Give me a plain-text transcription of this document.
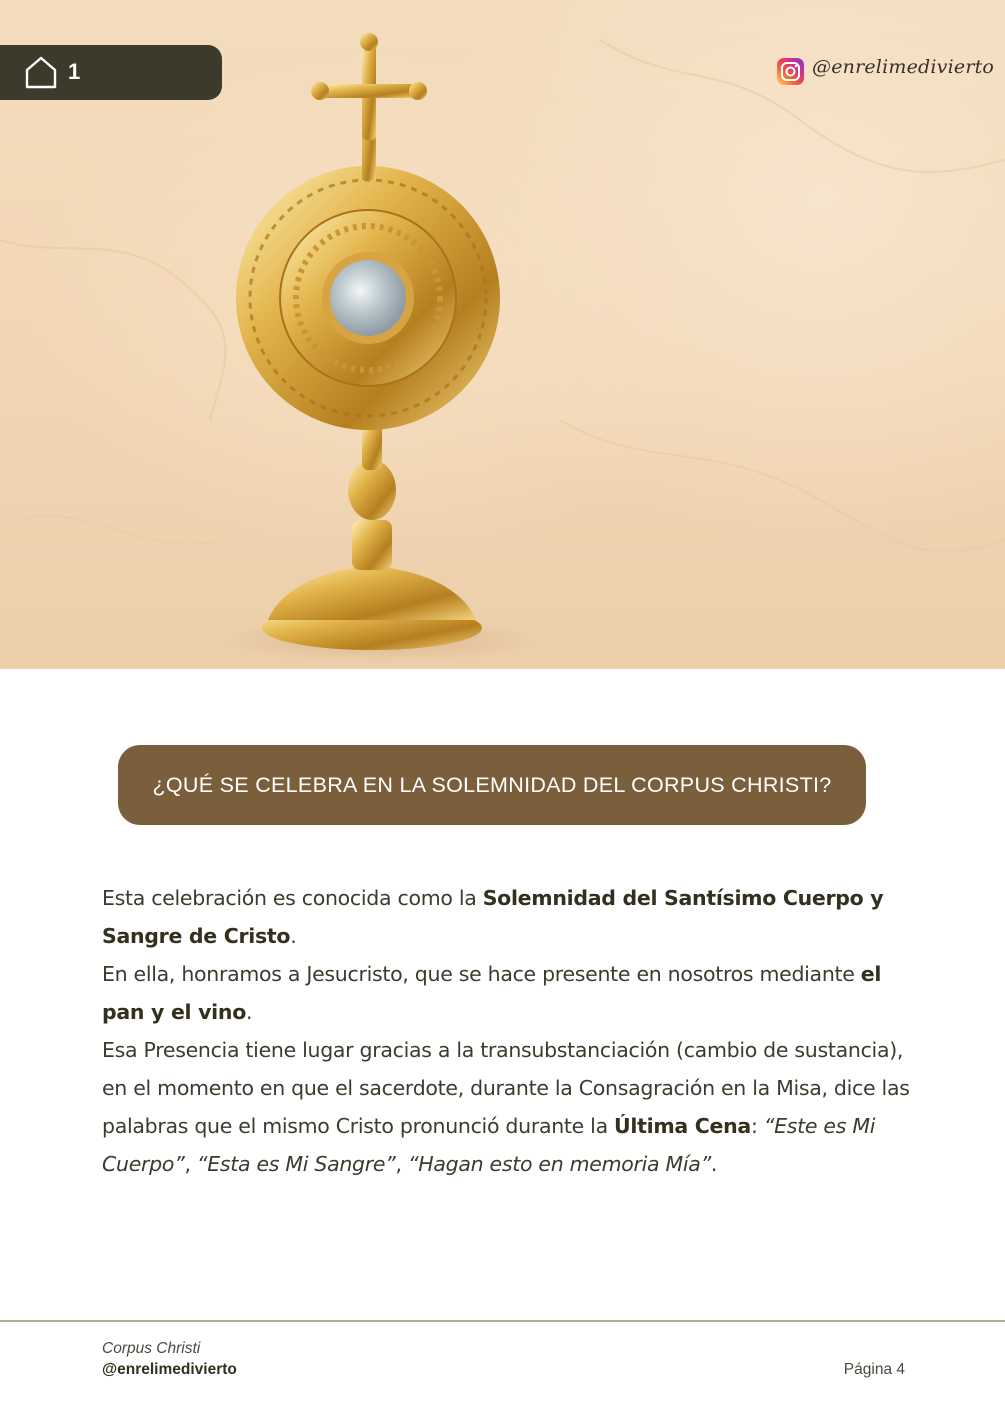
1	@enrelimedivierto
¿QUÉ SE CELEBRA EN LA SOLEMNIDAD DEL CORPUS CHRISTI?

Esta celebración es conocida como la Solemnidad del Santísimo Cuerpo y Sangre de Cristo.

En ella, honramos a Jesucristo, que se hace presente en nosotros mediante el pan y el vino.

Esa Presencia tiene lugar gracias a la transubstanciación (cambio de sustancia), en el momento en que el sacerdote, durante la Consagración en la Misa, dice las palabras que el mismo Cristo pronunció durante la Última Cena: “Este es Mi Cuerpo”, “Esta es Mi Sangre”, “Hagan esto en memoria Mía”.

Corpus Christi
@enrelimedivierto	Página 4
